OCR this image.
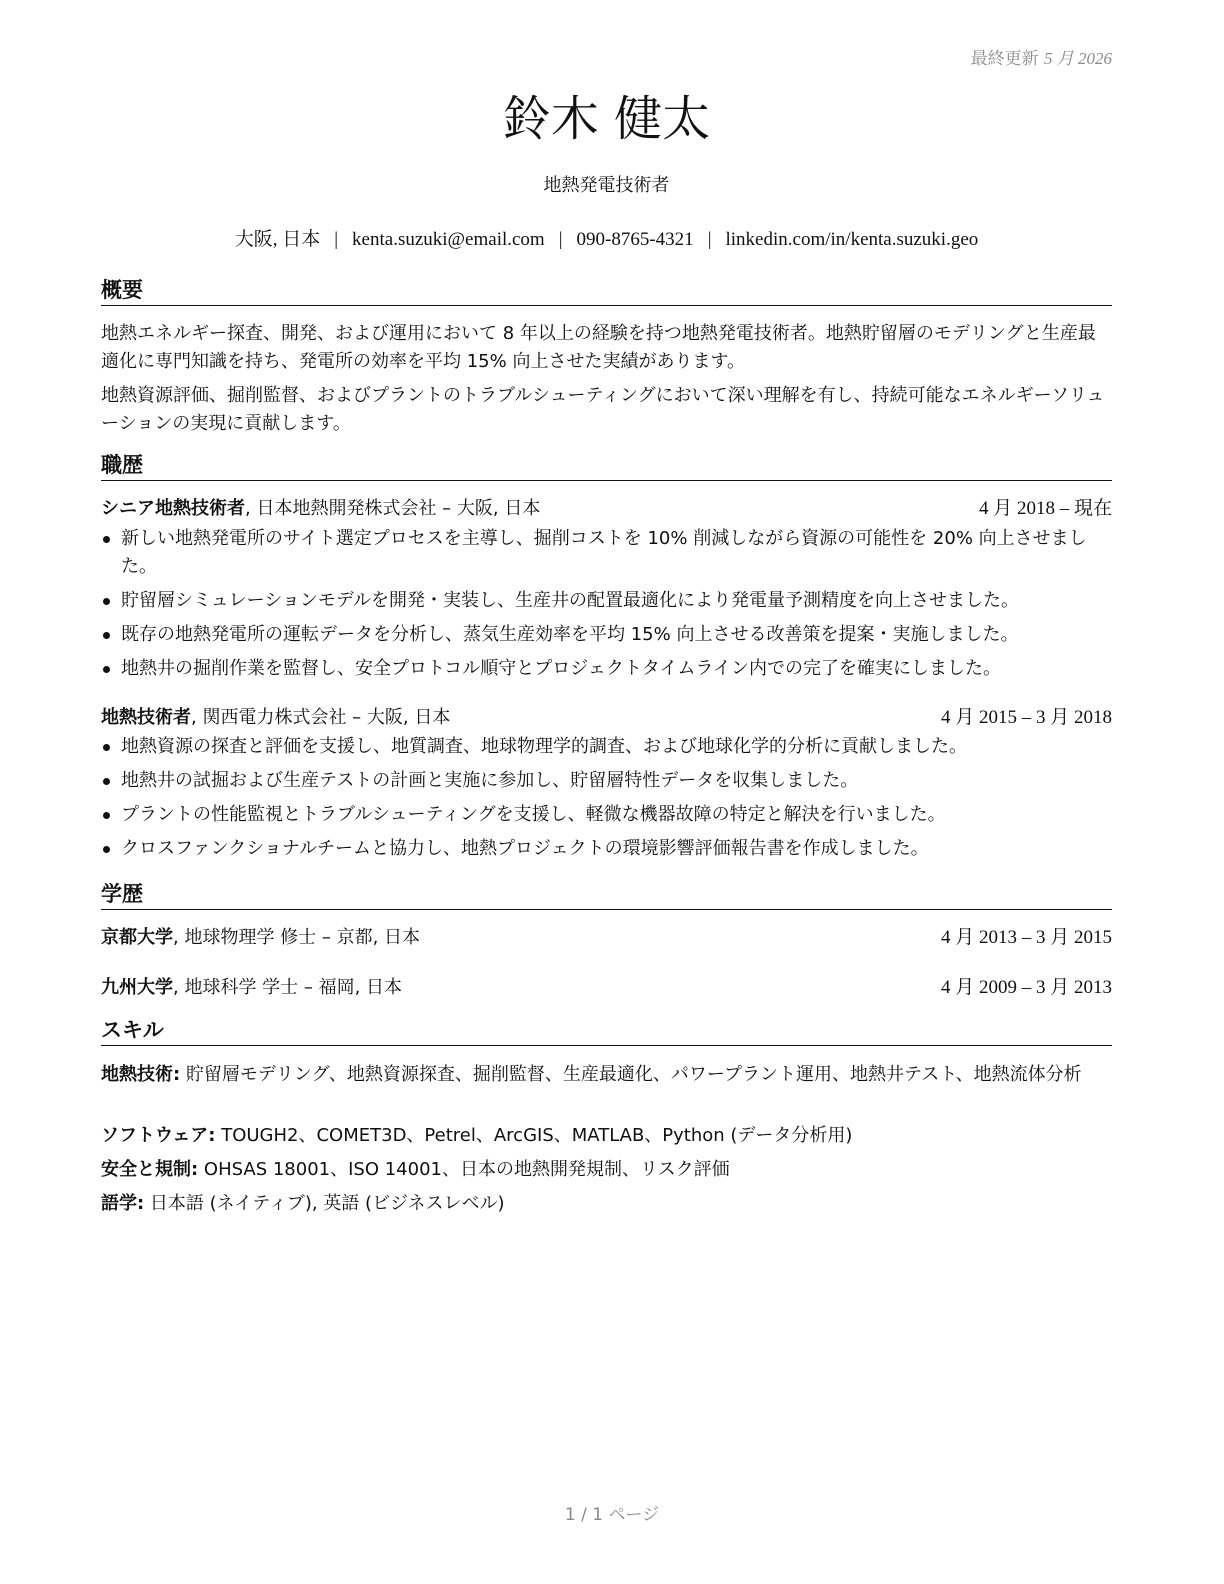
最終更新 5 月 2026
鈴木 健太
地熱発電技術者
大阪, 日本 | kenta.suzuki@email.com | 090-8765-4321 | linkedin.com/in/kenta.suzuki.geo
概要
地熱エネルギー探査、開発、および運用において 8 年以上の経験を持つ地熱発電技術者。地熱貯留層のモデリングと生産最適化に専門知識を持ち、発電所の効率を平均 15% 向上させた実績があります。
地熱資源評価、掘削監督、およびプラントのトラブルシューティングにおいて深い理解を有し、持続可能なエネルギーソリューションの実現に貢献します。
職歴
シニア地熱技術者, 日本地熱開発株式会社 – 大阪, 日本	4 月 2018 – 現在
新しい地熱発電所のサイト選定プロセスを主導し、掘削コストを 10% 削減しながら資源の可能性を 20% 向上させました。
貯留層シミュレーションモデルを開発・実装し、生産井の配置最適化により発電量予測精度を向上させました。
既存の地熱発電所の運転データを分析し、蒸気生産効率を平均 15% 向上させる改善策を提案・実施しました。
地熱井の掘削作業を監督し、安全プロトコル順守とプロジェクトタイムライン内での完了を確実にしました。
地熱技術者, 関西電力株式会社 – 大阪, 日本	4 月 2015 – 3 月 2018
地熱資源の探査と評価を支援し、地質調査、地球物理学的調査、および地球化学的分析に貢献しました。
地熱井の試掘および生産テストの計画と実施に参加し、貯留層特性データを収集しました。
プラントの性能監視とトラブルシューティングを支援し、軽微な機器故障の特定と解決を行いました。
クロスファンクショナルチームと協力し、地熱プロジェクトの環境影響評価報告書を作成しました。
学歴
京都大学, 地球物理学 修士 – 京都, 日本	4 月 2013 – 3 月 2015
九州大学, 地球科学 学士 – 福岡, 日本	4 月 2009 – 3 月 2013
スキル
地熱技術: 貯留層モデリング、地熱資源探査、掘削監督、生産最適化、パワープラント運用、地熱井テスト、地熱流体分析
ソフトウェア: TOUGH2、COMET3D、Petrel、ArcGIS、MATLAB、Python (データ分析用)
安全と規制: OHSAS 18001、ISO 14001、日本の地熱開発規制、リスク評価
語学: 日本語 (ネイティブ), 英語 (ビジネスレベル)
1 / 1 ページ
